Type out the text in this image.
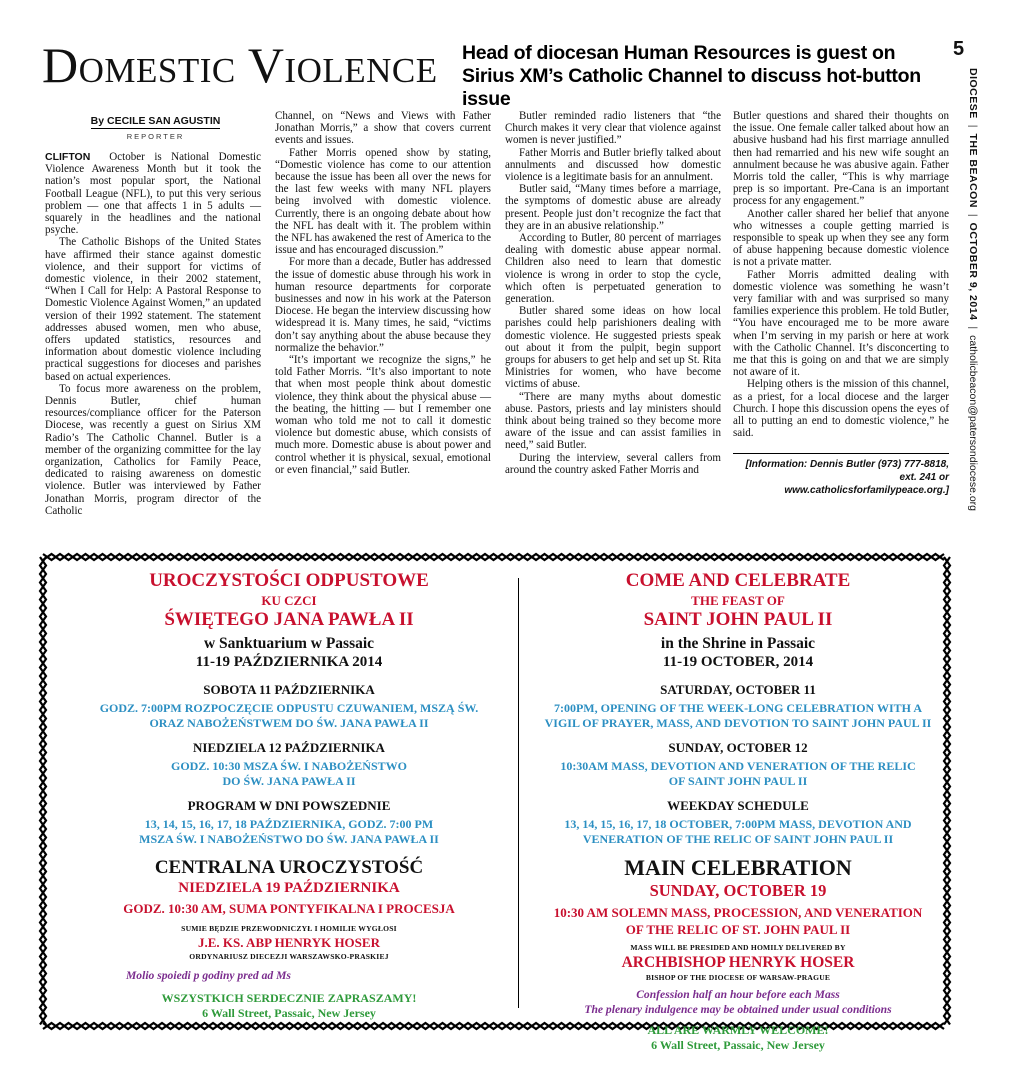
Domestic Violence Head of diocesan Human Resources is guest on Sirius XM’s Catholic Channel to discuss hot-button issue
5
DIOCESE|THE BEACON|OCTOBER 9, 2014|catholicbeacon@patersondiocese.org
By CECILE SAN AGUSTIN
REPORTER

CLIFTON October is National Domestic Violence Awareness Month but it took the nation’s most popular sport, the National Football League (NFL), to put this very serious problem — one that affects 1 in 5 adults — squarely in the headlines and the national psyche.

The Catholic Bishops of the United States have affirmed their stance against domestic violence, and their support for victims of domestic violence, in their 2002 statement, “When I Call for Help: A Pastoral Response to Domestic Violence Against Women,” an updated version of their 1992 statement. The statement addresses abused women, men who abuse, offers updated statistics, resources and information about domestic violence including practical suggestions for dioceses and parishes based on actual experiences.

To focus more awareness on the problem, Dennis Butler, chief human resources/compliance officer for the Paterson Diocese, was recently a guest on Sirius XM Radio’s The Catholic Channel. Butler is a member of the organizing committee for the lay organization, Catholics for Family Peace, dedicated to raising awareness on domestic violence. Butler was interviewed by Father Jonathan Morris, program director of the Catholic

Channel, on “News and Views with Father Jonathan Morris,” a show that covers current events and issues.

Father Morris opened show by stating, “Domestic violence has come to our attention because the issue has been all over the news for the last few weeks with many NFL players being involved with domestic violence. Currently, there is an ongoing debate about how the NFL has dealt with it. The problem within the NFL has awakened the rest of America to the issue and has encouraged discussion.”

For more than a decade, Butler has addressed the issue of domestic abuse through his work in human resource departments for corporate businesses and now in his work at the Paterson Diocese. He began the interview discussing how widespread it is. Many times, he said, “victims don’t say anything about the abuse because they normalize the behavior.”

“It’s important we recognize the signs,” he told Father Morris. “It’s also important to note that when most people think about domestic violence, they think about the physical abuse — the beating, the hitting — but I remember one woman who told me not to call it domestic violence but domestic abuse, which consists of much more. Domestic abuse is about power and control whether it is physical, sexual, emotional or even financial,” said Butler.

Butler reminded radio listeners that “the Church makes it very clear that violence against women is never justified.”

Father Morris and Butler briefly talked about annulments and discussed how domestic violence is a legitimate basis for an annulment.

Butler said, “Many times before a marriage, the symptoms of domestic abuse are already present. People just don’t recognize the fact that they are in an abusive relationship.”

According to Butler, 80 percent of marriages dealing with domestic abuse appear normal. Children also need to learn that domestic violence is wrong in order to stop the cycle, which often is perpetuated generation to generation.

Butler shared some ideas on how local parishes could help parishioners dealing with domestic violence. He suggested priests speak out about it from the pulpit, begin support groups for abusers to get help and set up St. Rita Ministries for women, who have become victims of abuse.

“There are many myths about domestic abuse. Pastors, priests and lay ministers should think about being trained so they become more aware of the issue and can assist families in need,” said Butler.

During the interview, several callers from around the country asked Father Morris and

Butler questions and shared their thoughts on the issue. One female caller talked about how an abusive husband had his first marriage annulled then had remarried and his new wife sought an annulment because he was abusive again. Father Morris told the caller, “This is why marriage prep is so important. Pre-Cana is an important process for any engagement.”

Another caller shared her belief that anyone who witnesses a couple getting married is responsible to speak up when they see any form of abuse happening because domestic violence is not a private matter.

Father Morris admitted dealing with domestic violence was something he wasn’t very familiar with and was surprised so many families experience this problem. He told Butler, “You have encouraged me to be more aware when I’m serving in my parish or here at work with the Catholic Channel. It’s disconcerting to me that this is going on and that we are simply not aware of it.

Helping others is the mission of this channel, as a priest, for a local diocese and the larger Church. I hope this discussion opens the eyes of all to putting an end to domestic violence,” he said.

[Information: Dennis Butler (973) 777-8818, ext. 241 or www.catholicsforfamilypeace.org.]
UROCZYSTOŚCI ODPUSTOWE
KU CZCI
ŚWIĘTEGO JANA PAWŁA II
w Sanktuarium w Passaic
11-19 PAŹDZIERNIKA 2014
SOBOTA 11 PAŹDZIERNIKA
GODZ. 7:00PM ROZPOCZĘCIE ODPUSTU CZUWANIEM, MSZĄ ŚW.
ORAZ NABOŻEŃSTWEM DO ŚW. JANA PAWŁA II
NIEDZIELA 12 PAŹDZIERNIKA
GODZ. 10:30 MSZA ŚW. I NABOŻEŃSTWO
DO ŚW. JANA PAWŁA II
PROGRAM W DNI POWSZEDNIE
13, 14, 15, 16, 17, 18 PAŹDZIERNIKA, GODZ. 7:00 PM
MSZA ŚW. I NABOŻEŃSTWO DO ŚW. JANA PAWŁA II
CENTRALNA UROCZYSTOŚĆ
NIEDZIELA 19 PAŹDZIERNIKA
GODZ. 10:30 AM, SUMA PONTYFIKALNA I PROCESJA
SUMIE BĘDZIE PRZEWODNICZYŁ I HOMILIE WYGŁOSI
J.E. KS. ABP HENRYK HOSER
ORDYNARIUSZ DIECEZJI WARSZAWSKO-PRASKIEJ
Molio spoiedi p godiny pred ad Ms
WSZYSTKICH SERDECZNIE ZAPRASZAMY!
6 Wall Street, Passaic, New Jersey
COME AND CELEBRATE
THE FEAST OF
SAINT JOHN PAUL II
in the Shrine in Passaic
11-19 OCTOBER, 2014
SATURDAY, OCTOBER 11
7:00PM, OPENING OF THE WEEK-LONG CELEBRATION WITH A
VIGIL OF PRAYER, MASS, AND DEVOTION TO SAINT JOHN PAUL II
SUNDAY, OCTOBER 12
10:30AM MASS, DEVOTION AND VENERATION OF THE RELIC
OF SAINT JOHN PAUL II
WEEKDAY SCHEDULE
13, 14, 15, 16, 17, 18 OCTOBER, 7:00PM MASS, DEVOTION AND
VENERATION OF THE RELIC OF SAINT JOHN PAUL II
MAIN CELEBRATION
SUNDAY, OCTOBER 19
10:30 AM SOLEMN MASS, PROCESSION, AND VENERATION
OF THE RELIC OF ST. JOHN PAUL II
MASS WILL BE PRESIDED AND HOMILY DELIVERED BY
ARCHBISHOP HENRYK HOSER
BISHOP OF THE DIOCESE OF WARSAW-PRAGUE
Confession half an hour before each Mass
The plenary indulgence may be obtained under usual conditions
ALL ARE WARMLY WELCOME!
6 Wall Street, Passaic, New Jersey
